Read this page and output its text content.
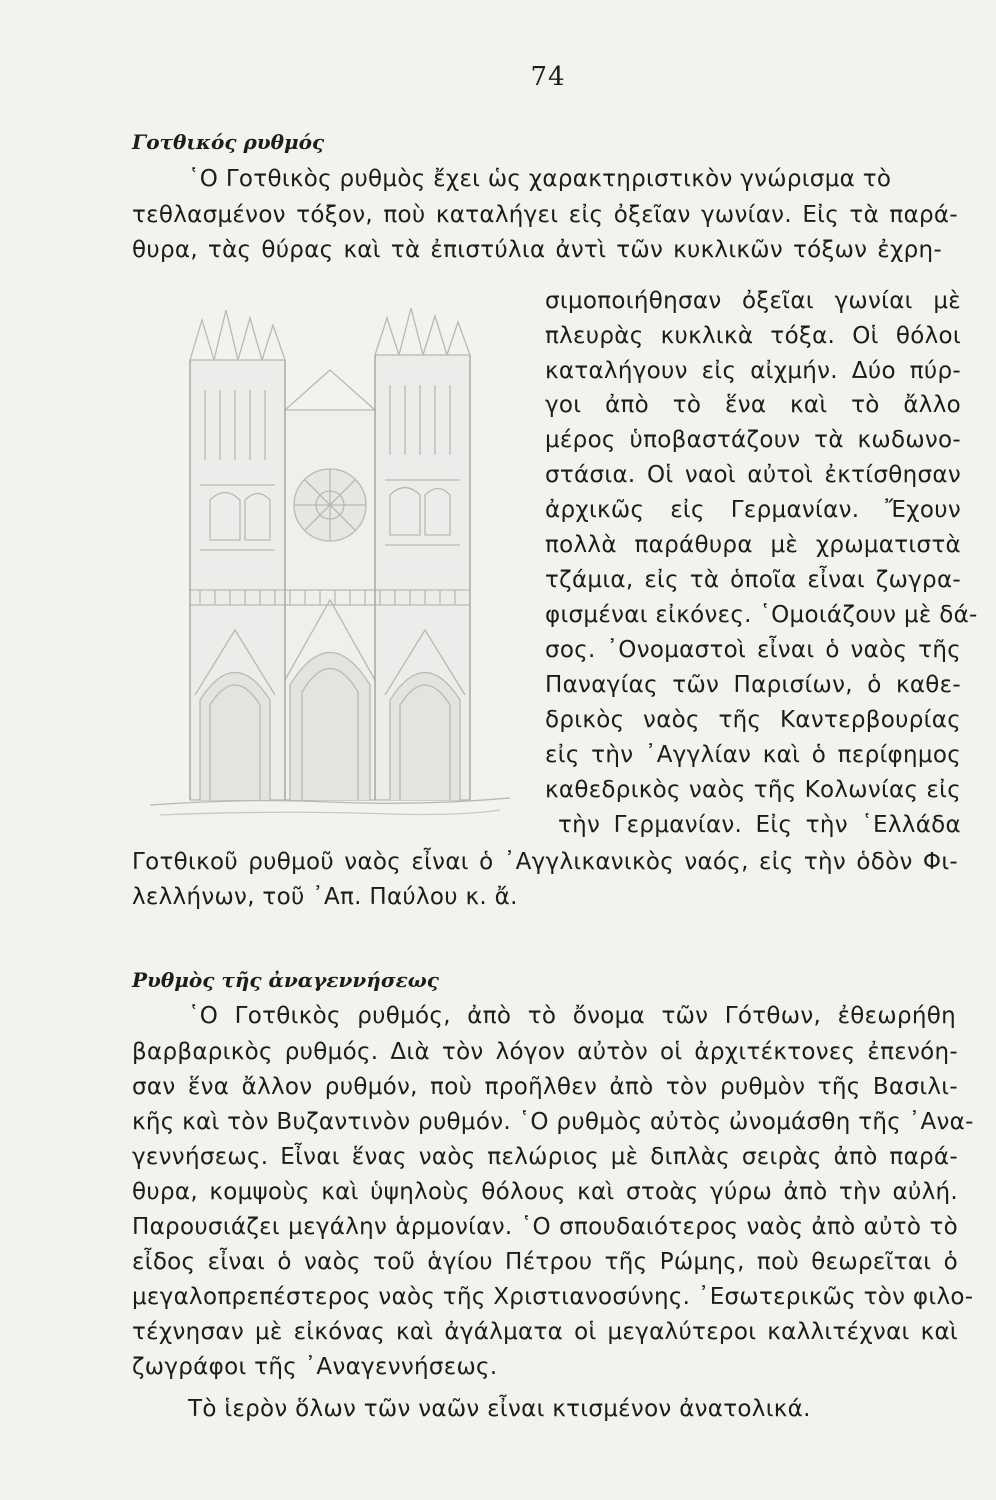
74
Γοτθικός ρυθμός
῾Ο Γοτθικὸς ρυθμὸς ἔχει ὡς χαρακτηριστικὸν γνώρισμα τὸ
τεθλασμένον τόξον, ποὺ καταλήγει εἰς ὀξεῖαν γωνίαν. Εἰς τὰ παρά-
θυρα, τὰς θύρας καὶ τὰ ἐπιστύλια ἀντὶ τῶν κυκλικῶν τόξων ἐχρη-
σιμοποιήθησαν ὀξεῖαι γωνίαι μὲ
πλευρὰς κυκλικὰ τόξα. Οἱ θόλοι
καταλήγουν εἰς αἰχμήν. Δύο πύρ-
γοι ἀπὸ τὸ ἕνα καὶ τὸ ἄλλο
μέρος ὑποβαστάζουν τὰ κωδωνο-
στάσια. Οἱ ναοὶ αὐτοὶ ἐκτίσθησαν
ἀρχικῶς εἰς Γερμανίαν. Ἔχουν
πολλὰ παράθυρα μὲ χρωματιστὰ
τζάμια, εἰς τὰ ὁποῖα εἶναι ζωγρα-
φισμέναι εἰκόνες. ῾Ομοιάζουν μὲ δά-
σος. ᾿Ονομαστοὶ εἶναι ὁ ναὸς τῆς
Παναγίας τῶν Παρισίων, ὁ καθε-
δρικὸς ναὸς τῆς Καντερβουρίας
εἰς τὴν ᾿Αγγλίαν καὶ ὁ περίφημος
καθεδρικὸς ναὸς τῆς Κολωνίας εἰς
τὴν Γερμανίαν. Εἰς τὴν ῾Ελλάδα
Γοτθικοῦ ρυθμοῦ ναὸς εἶναι ὁ ᾿Αγγλικανικὸς ναός, εἰς τὴν ὁδὸν Φι-
λελλήνων, τοῦ ᾿Απ. Παύλου κ. ἄ.
Ρυθμὸς τῆς ἀναγεννήσεως
῾Ο Γοτθικὸς ρυθμός, ἀπὸ τὸ ὄνομα τῶν Γότθων, ἐθεωρήθη
βαρβαρικὸς ρυθμός. Διὰ τὸν λόγον αὐτὸν οἱ ἀρχιτέκτονες ἐπενόη-
σαν ἕνα ἄλλον ρυθμόν, ποὺ προῆλθεν ἀπὸ τὸν ρυθμὸν τῆς Βασιλι-
κῆς καὶ τὸν Βυζαντινὸν ρυθμόν. ῾Ο ρυθμὸς αὐτὸς ὠνομάσθη τῆς ᾿Ανα-
γεννήσεως. Εἶναι ἕνας ναὸς πελώριος μὲ διπλὰς σειρὰς ἀπὸ παρά-
θυρα, κομψοὺς καὶ ὑψηλοὺς θόλους καὶ στοὰς γύρω ἀπὸ τὴν αὐλή.
Παρουσιάζει μεγάλην ἁρμονίαν. ῾Ο σπουδαιότερος ναὸς ἀπὸ αὐτὸ τὸ
εἶδος εἶναι ὁ ναὸς τοῦ ἁγίου Πέτρου τῆς Ρώμης, ποὺ θεωρεῖται ὁ
μεγαλοπρεπέστερος ναὸς τῆς Χριστιανοσύνης. ᾿Εσωτερικῶς τὸν φιλο-
τέχνησαν μὲ εἰκόνας καὶ ἀγάλματα οἱ μεγαλύτεροι καλλιτέχναι καὶ
ζωγράφοι τῆς ᾿Αναγεννήσεως.
Τὸ ἱερὸν ὅλων τῶν ναῶν εἶναι κτισμένον ἀνατολικά.
